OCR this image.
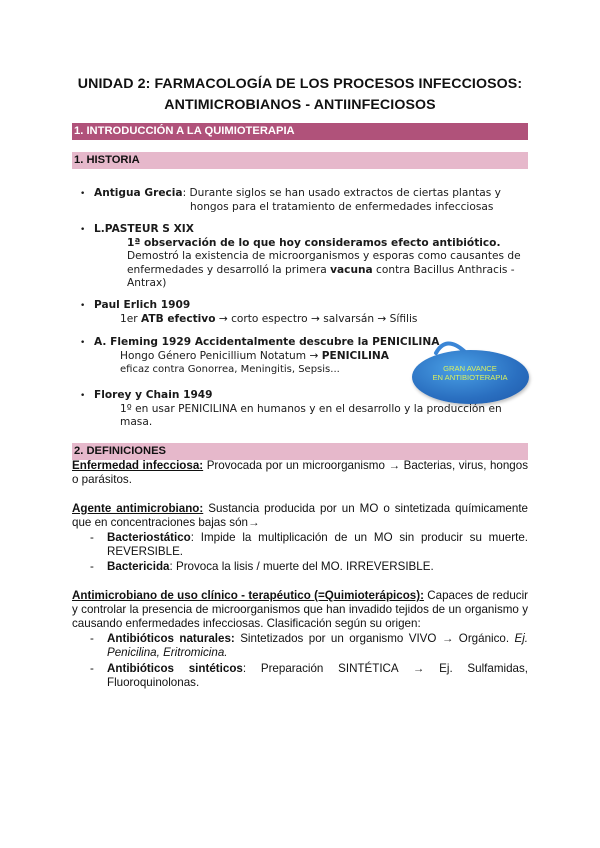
UNIDAD 2: FARMACOLOGÍA DE LOS PROCESOS INFECCIOSOS:
ANTIMICROBIANOS - ANTIINFECIOSOS
1. INTRODUCCIÓN A LA QUIMIOTERAPIA
1. HISTORIA
• Antigua Grecia: Durante siglos se han usado extractos de ciertas plantas y
hongos para el tratamiento de enfermedades infecciosas
• L.PASTEUR S XIX
1ª observación de lo que hoy consideramos efecto antibiótico.
Demostró la existencia de microorganismos y esporas como causantes de
enfermedades y desarrolló la primera vacuna contra Bacillus Anthracis -
Antrax)
• Paul Erlich 1909
1er ATB efectivo → corto espectro → salvarsán → Sífilis
• A. Fleming 1929 Accidentalmente descubre la PENICILINA
Hongo Género Penicillium Notatum → PENICILINA
eficaz contra Gonorrea, Meningitis, Sepsis...
• Florey y Chain 1949
1º en usar PENICILINA en humanos y en el desarrollo y la producción en
masa.
GRAN AVANCE
EN ANTIBIOTERAPIA
2. DEFINICIONES
Enfermedad infecciosa: Provocada por un microorganismo → Bacterias, virus, hongos o parásitos.
Agente antimicrobiano: Sustancia producida por un MO o sintetizada químicamente que en concentraciones bajas són→
- Bacteriostático: Impide la multiplicación de un MO sin producir su muerte. REVERSIBLE.
- Bactericida: Provoca la lisis / muerte del MO. IRREVERSIBLE.
Antimicrobiano de uso clínico - terapéutico (=Quimioterápicos): Capaces de reducir y controlar la presencia de microorganismos que han invadido tejidos de un organismo y causando enfermedades infecciosas. Clasificación según su origen:
- Antibióticos naturales: Sintetizados por un organismo VIVO → Orgánico. Ej. Penicilina, Eritromicina.
- Antibióticos sintéticos: Preparación SINTÉTICA → Ej. Sulfamidas, Fluoroquinolonas.
